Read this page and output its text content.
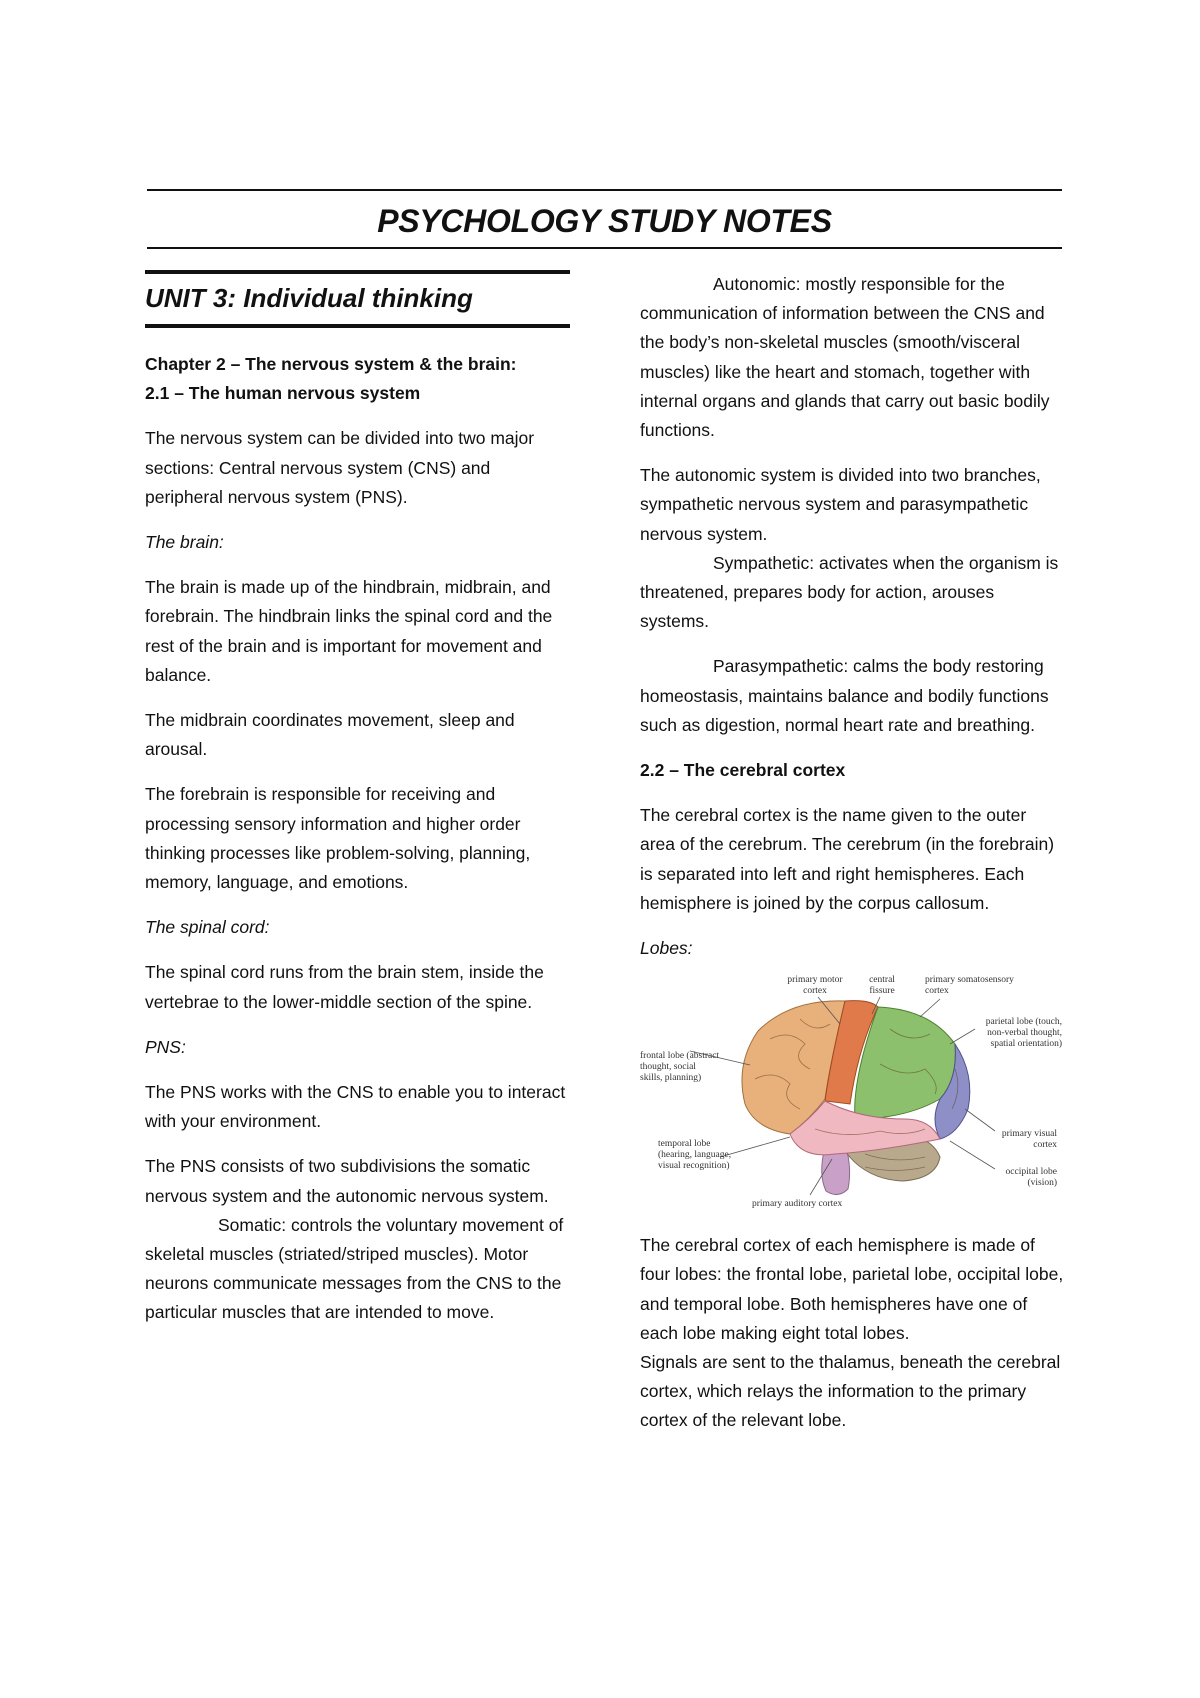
PSYCHOLOGY STUDY NOTES
UNIT 3: Individual thinking

Chapter 2 – The nervous system & the brain:
2.1 – The human nervous system

The nervous system can be divided into two major sections: Central nervous system (CNS) and peripheral nervous system (PNS).

The brain:

The brain is made up of the hindbrain, midbrain, and forebrain. The hindbrain links the spinal cord and the rest of the brain and is important for movement and balance.

The midbrain coordinates movement, sleep and arousal.

The forebrain is responsible for receiving and processing sensory information and higher order thinking processes like problem-solving, planning, memory, language, and emotions.

The spinal cord:

The spinal cord runs from the brain stem, inside the vertebrae to the lower-middle section of the spine.

PNS:

The PNS works with the CNS to enable you to interact with your environment.

The PNS consists of two subdivisions the somatic nervous system and the autonomic nervous system.

Somatic: controls the voluntary movement of skeletal muscles (striated/striped muscles). Motor neurons communicate messages from the CNS to the particular muscles that are intended to move.

Autonomic: mostly responsible for the communication of information between the CNS and the body’s non-skeletal muscles (smooth/visceral muscles) like the heart and stomach, together with internal organs and glands that carry out basic bodily functions.

The autonomic system is divided into two branches, sympathetic nervous system and parasympathetic nervous system.

Sympathetic: activates when the organism is threatened, prepares body for action, arouses systems.

Parasympathetic: calms the body restoring homeostasis, maintains balance and bodily functions such as digestion, normal heart rate and breathing.

2.2 – The cerebral cortex

The cerebral cortex is the name given to the outer area of the cerebrum. The cerebrum (in the forebrain) is separated into left and right hemispheres. Each hemisphere is joined by the corpus callosum.

Lobes:

primary motor cortex
central fissure
primary somatosensory cortex
parietal lobe (touch, non-verbal thought, spatial orientation)
frontal lobe (abstract thought, social skills, planning)
temporal lobe (hearing, language, visual recognition)
primary visual cortex
occipital lobe (vision)
primary auditory cortex

The cerebral cortex of each hemisphere is made of four lobes: the frontal lobe, parietal lobe, occipital lobe, and temporal lobe. Both hemispheres have one of each lobe making eight total lobes.

Signals are sent to the thalamus, beneath the cerebral cortex, which relays the information to the primary cortex of the relevant lobe.
